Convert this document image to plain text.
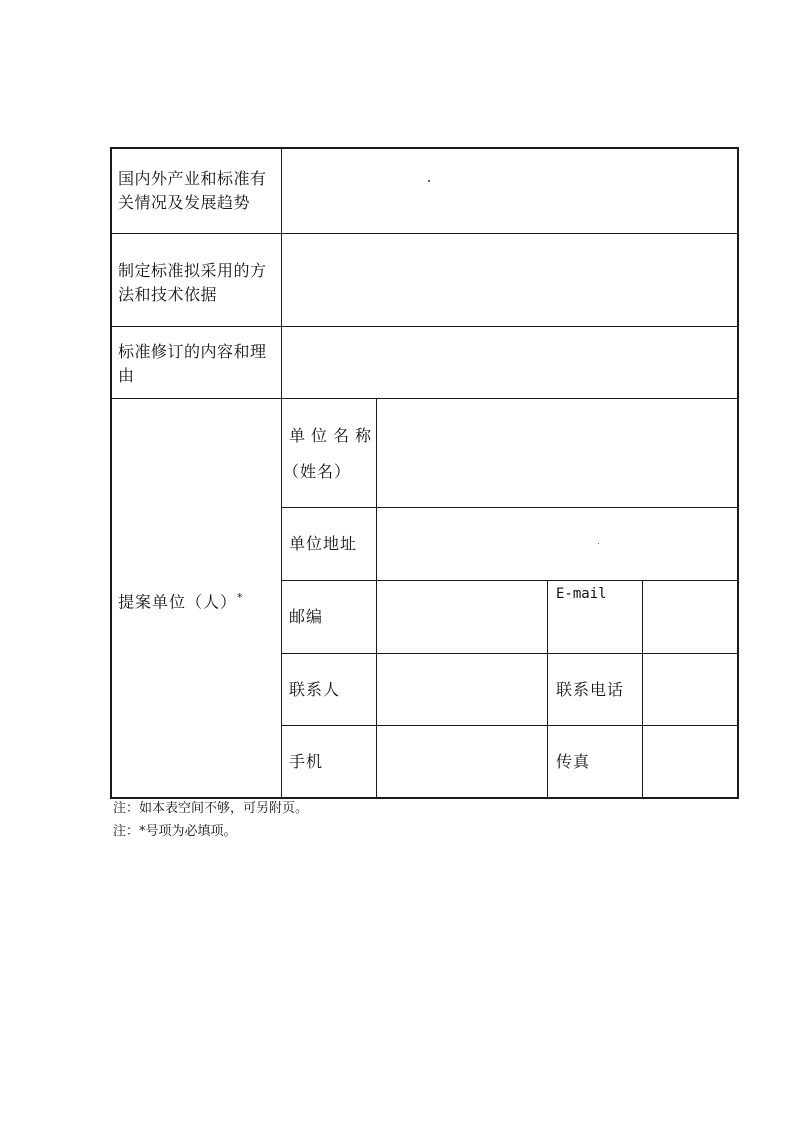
国内外产业和标准有关情况及发展趋势
制定标准拟采用的方法和技术依据
标准修订的内容和理由
提案单位（人）*
单位名称
（姓名）
单位地址
邮编
E-mail
联系人	联系电话
手机	传真
注：如本表空间不够，可另附页。
注：*号项为必填项。
